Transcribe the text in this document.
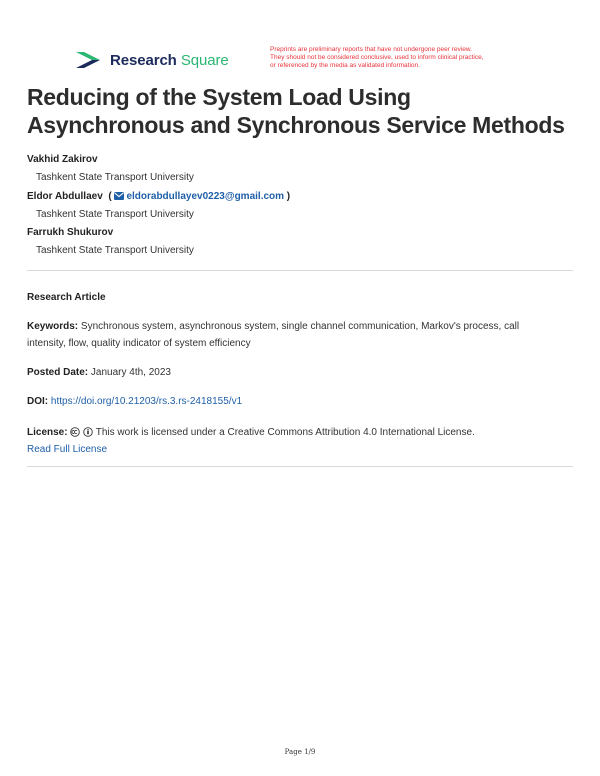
Research Square
Preprints are preliminary reports that have not undergone peer review.
They should not be considered conclusive, used to inform clinical practice,
or referenced by the media as validated information.
Reducing of the System Load Using Asynchronous and Synchronous Service Methods
Vakhid Zakirov
Tashkent State Transport University
Eldor Abdullaev  ( eldorabdullayev0223@gmail.com )
Tashkent State Transport University
Farrukh Shukurov
Tashkent State Transport University
Research Article
Keywords: Synchronous system, asynchronous system, single channel communication, Markov's process, call intensity, flow, quality indicator of system efficiency
Posted Date: January 4th, 2023
DOI: https://doi.org/10.21203/rs.3.rs-2418155/v1
License:	This work is licensed under a Creative Commons Attribution 4.0 International License.
Read Full License
Page 1/9
